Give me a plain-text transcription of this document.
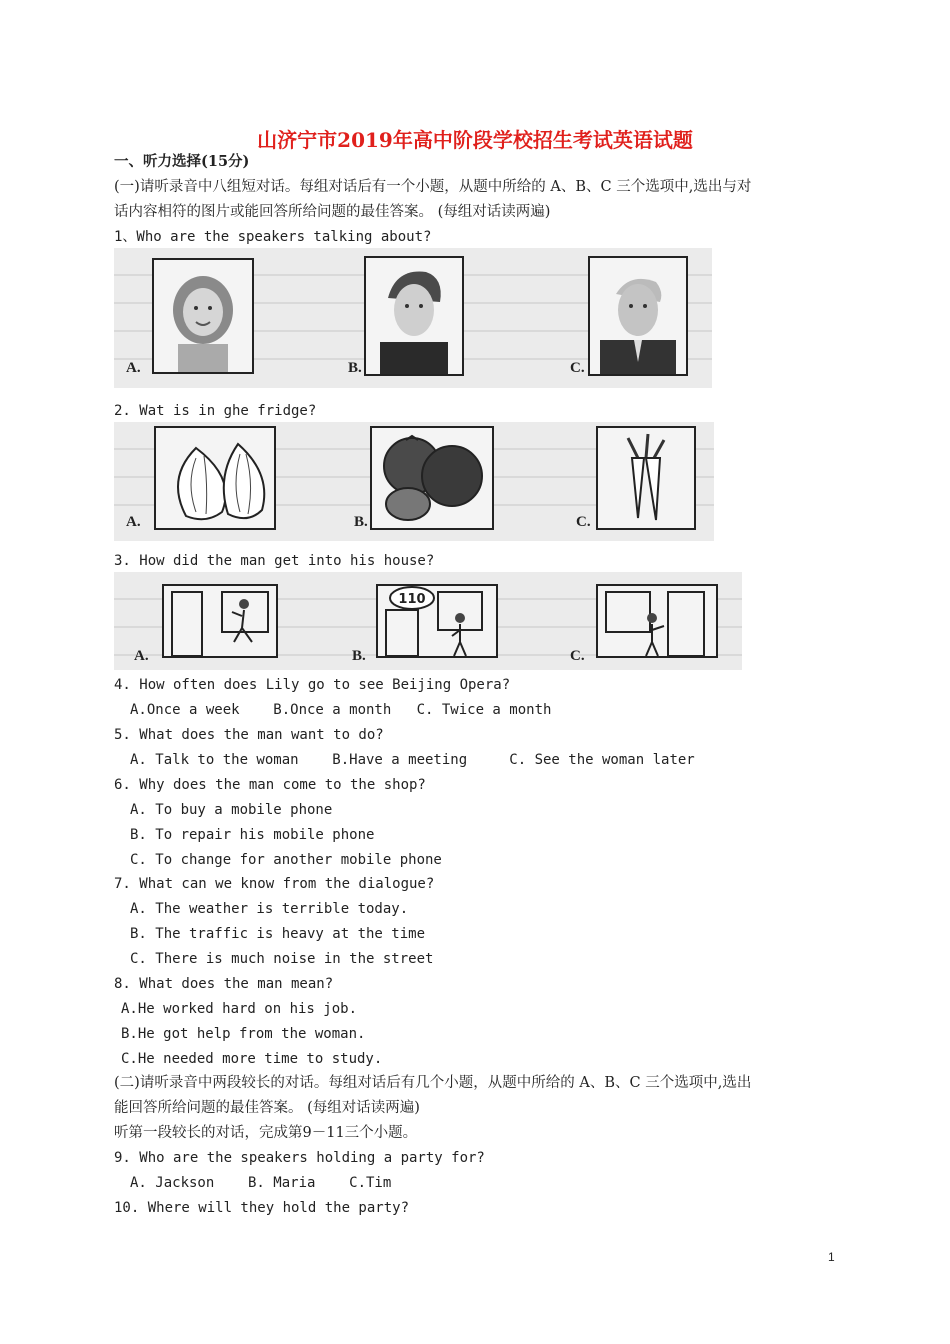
山济宁市2019年高中阶段学校招生考试英语试题
一、听力选择(15分)
(一)请听录音中八组短对话。每组对话后有一个小题，从题中所给的 A、B、C 三个选项中,选出与对
话内容相符的图片或能回答所给问题的最佳答案。 (每组对话读两遍)
1、Who are the speakers talking about?
A.	B.	C.
2. Wat is in ghe fridge?
A.	B.	C.
3. How did the man get into his house?
A.
110
B.	C.
4. How often does Lily go to see Beijing Opera?
A.Once a week    B.Once a month   C. Twice a month
5. What does the man want to do?
A. Talk to the woman    B.Have a meeting     C. See the woman later
6. Why does the man come to the shop?
A. To buy a mobile phone
B. To repair his mobile phone
C. To change for another mobile phone
7. What can we know from the dialogue?
A. The weather is terrible today.
B. The traffic is heavy at the time
C. There is much noise in the street
8. What does the man mean?
A.He worked hard on his job.
B.He got help from the woman.
C.He needed more time to study.
(二)请听录音中两段较长的对话。每组对话后有几个小题，从题中所给的 A、B、C 三个选项中,选出
能回答所给问题的最佳答案。 (每组对话读两遍)
听第一段较长的对话，完成第9－11三个小题。
9. Who are the speakers holding a party for?
A. Jackson    B. Maria    C.Tim
10. Where will they hold the party?
1
